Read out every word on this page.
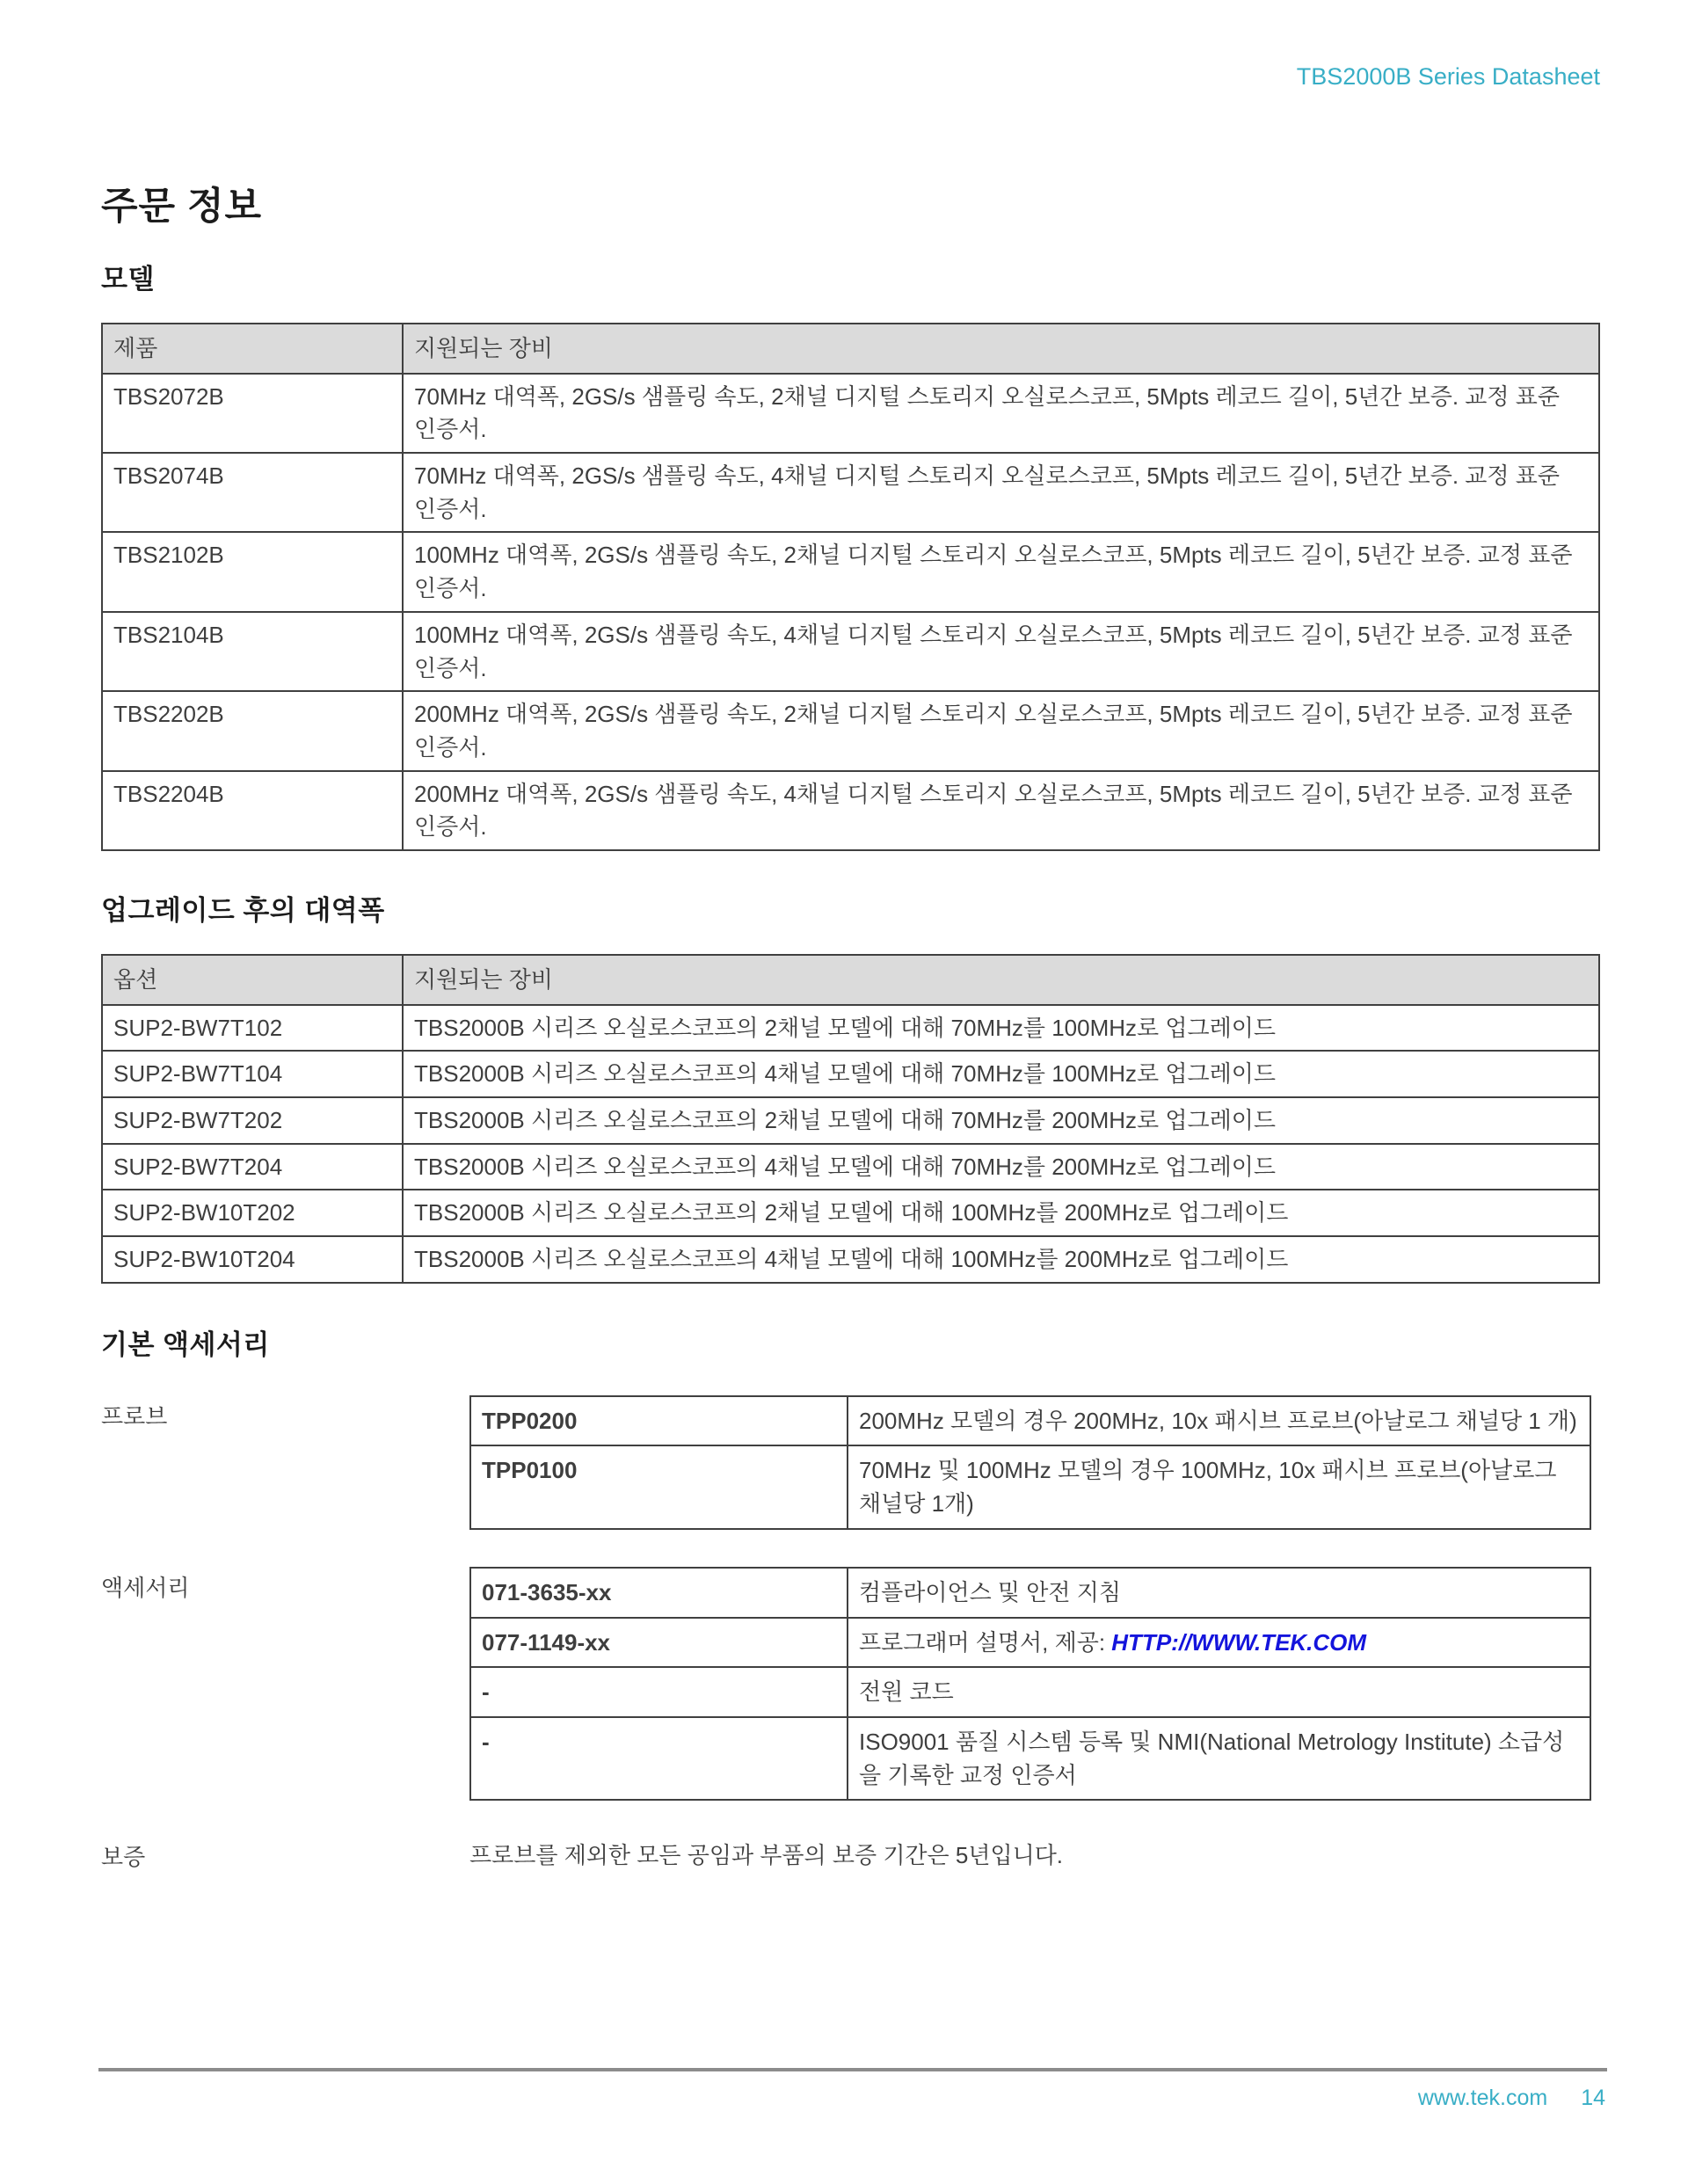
TBS2000B Series Datasheet
주문 정보
모델
제품	지원되는 장비
TBS2072B	70MHz 대역폭, 2GS/s 샘플링 속도, 2채널 디지털 스토리지 오실로스코프, 5Mpts 레코드 길이, 5년간 보증. 교정 표준 인증서.
TBS2074B	70MHz 대역폭, 2GS/s 샘플링 속도, 4채널 디지털 스토리지 오실로스코프, 5Mpts 레코드 길이, 5년간 보증. 교정 표준 인증서.
TBS2102B	100MHz 대역폭, 2GS/s 샘플링 속도, 2채널 디지털 스토리지 오실로스코프, 5Mpts 레코드 길이, 5년간 보증. 교정 표준 인증서.
TBS2104B	100MHz 대역폭, 2GS/s 샘플링 속도, 4채널 디지털 스토리지 오실로스코프, 5Mpts 레코드 길이, 5년간 보증. 교정 표준 인증서.
TBS2202B	200MHz 대역폭, 2GS/s 샘플링 속도, 2채널 디지털 스토리지 오실로스코프, 5Mpts 레코드 길이, 5년간 보증. 교정 표준 인증서.
TBS2204B	200MHz 대역폭, 2GS/s 샘플링 속도, 4채널 디지털 스토리지 오실로스코프, 5Mpts 레코드 길이, 5년간 보증. 교정 표준 인증서.
업그레이드 후의 대역폭
옵션	지원되는 장비
SUP2-BW7T102	TBS2000B 시리즈 오실로스코프의 2채널 모델에 대해 70MHz를 100MHz로 업그레이드
SUP2-BW7T104	TBS2000B 시리즈 오실로스코프의 4채널 모델에 대해 70MHz를 100MHz로 업그레이드
SUP2-BW7T202	TBS2000B 시리즈 오실로스코프의 2채널 모델에 대해 70MHz를 200MHz로 업그레이드
SUP2-BW7T204	TBS2000B 시리즈 오실로스코프의 4채널 모델에 대해 70MHz를 200MHz로 업그레이드
SUP2-BW10T202	TBS2000B 시리즈 오실로스코프의 2채널 모델에 대해 100MHz를 200MHz로 업그레이드
SUP2-BW10T204	TBS2000B 시리즈 오실로스코프의 4채널 모델에 대해 100MHz를 200MHz로 업그레이드
기본 액세서리
프로브	TPP0200	200MHz 모델의 경우 200MHz, 10x 패시브 프로브(아날로그 채널당 1 개)
TPP0100	70MHz 및 100MHz 모델의 경우 100MHz, 10x 패시브 프로브(아날로그 채널당 1개)
액세서리	071-3635-xx	컴플라이언스 및 안전 지침
077-1149-xx	프로그래머 설명서, 제공: HTTP://WWW.TEK.COM
-	전원 코드
-	ISO9001 품질 시스템 등록 및 NMI(National Metrology Institute) 소급성을 기록한 교정 인증서
보증	프로브를 제외한 모든 공임과 부품의 보증 기간은 5년입니다.
www.tek.com 14
